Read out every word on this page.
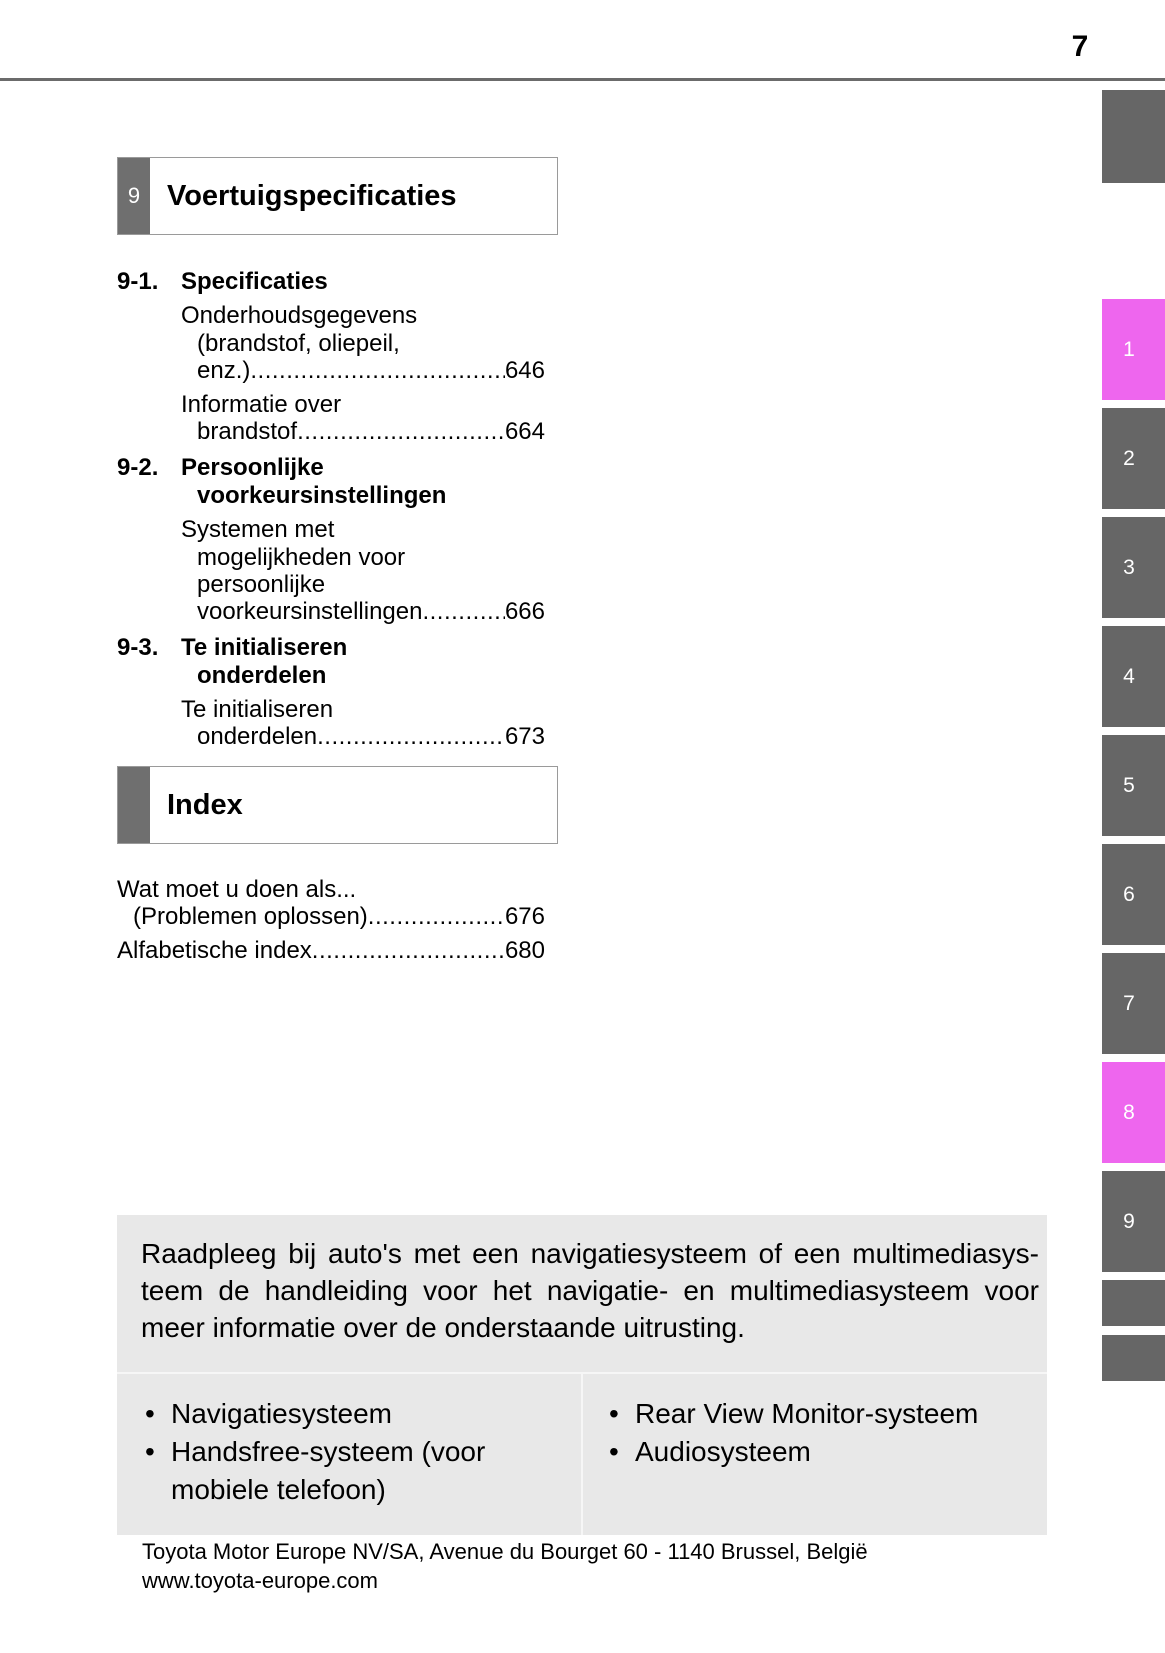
7
1
2
3
4
5
6
7
8
9
9 Voertuigspecificaties
9-1. Specificaties
Onderhoudsgegevens
(brandstof, oliepeil,
enz.) .....	646
Informatie over
brandstof .....	664
9-2. Persoonlijke
voorkeursinstellingen
Systemen met
mogelijkheden voor
persoonlijke
voorkeursinstellingen .....	666
9-3. Te initialiseren
onderdelen
Te initialiseren
onderdelen .....	673
Index
Wat moet u doen als...
(Problemen oplossen) .....	676
Alfabetische index .....	680
Raadpleeg bij auto's met een navigatiesysteem of een multimediasys-teem de handleiding voor het navigatie- en multimediasysteem voor meer informatie over de onderstaande uitrusting.
• Navigatiesysteem
• Handsfree-systeem (voor mobiele telefoon)
• Rear View Monitor-systeem
• Audiosysteem
Toyota Motor Europe NV/SA, Avenue du Bourget 60 - 1140 Brussel, België
www.toyota-europe.com
